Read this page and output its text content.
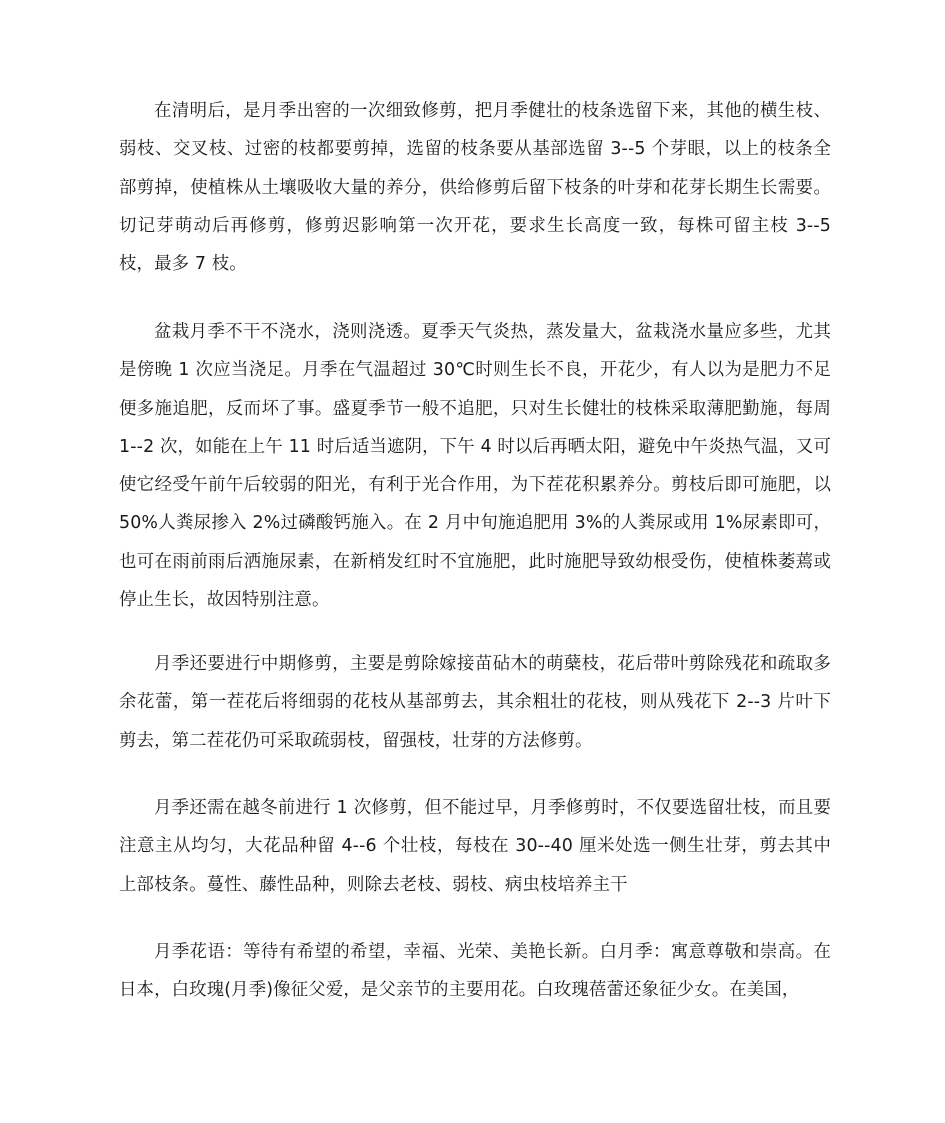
在清明后，是月季出窖的一次细致修剪，把月季健壮的枝条选留下来，其他的横生枝、弱枝、交叉枝、过密的枝都要剪掉，选留的枝条要从基部选留 3--5 个芽眼，以上的枝条全部剪掉，使植株从土壤吸收大量的养分，供给修剪后留下枝条的叶芽和花芽长期生长需要。切记芽萌动后再修剪，修剪迟影响第一次开花，要求生长高度一致，每株可留主枝 3--5 枝，最多 7 枝。

盆栽月季不干不浇水，浇则浇透。夏季天气炎热，蒸发量大，盆栽浇水量应多些，尤其是傍晚 1 次应当浇足。月季在气温超过 30℃时则生长不良，开花少，有人以为是肥力不足便多施追肥，反而坏了事。盛夏季节一般不追肥，只对生长健壮的枝株采取薄肥勤施，每周 1--2 次，如能在上午 11 时后适当遮阴，下午 4 时以后再晒太阳，避免中午炎热气温，又可使它经受午前午后较弱的阳光，有利于光合作用，为下茬花积累养分。剪枝后即可施肥，以 50%人粪尿掺入 2%过磷酸钙施入。在 2 月中旬施追肥用 3%的人粪尿或用 1%尿素即可，也可在雨前雨后洒施尿素，在新梢发红时不宜施肥，此时施肥导致幼根受伤，使植株萎蔫或停止生长，故因特别注意。

月季还要进行中期修剪，主要是剪除嫁接苗砧木的萌蘖枝，花后带叶剪除残花和疏取多余花蕾，第一茬花后将细弱的花枝从基部剪去，其余粗壮的花枝，则从残花下 2--3 片叶下剪去，第二茬花仍可采取疏弱枝，留强枝，壮芽的方法修剪。

月季还需在越冬前进行 1 次修剪，但不能过早，月季修剪时，不仅要选留壮枝，而且要注意主从均匀，大花品种留 4--6 个壮枝，每枝在 30--40 厘米处选一侧生壮芽，剪去其中上部枝条。蔓性、藤性品种，则除去老枝、弱枝、病虫枝培养主干

月季花语：等待有希望的希望，幸福、光荣、美艳长新。白月季：寓意尊敬和崇高。在日本，白玫瑰(月季)像征父爱，是父亲节的主要用花。白玫瑰蓓蕾还象征少女。在美国，
